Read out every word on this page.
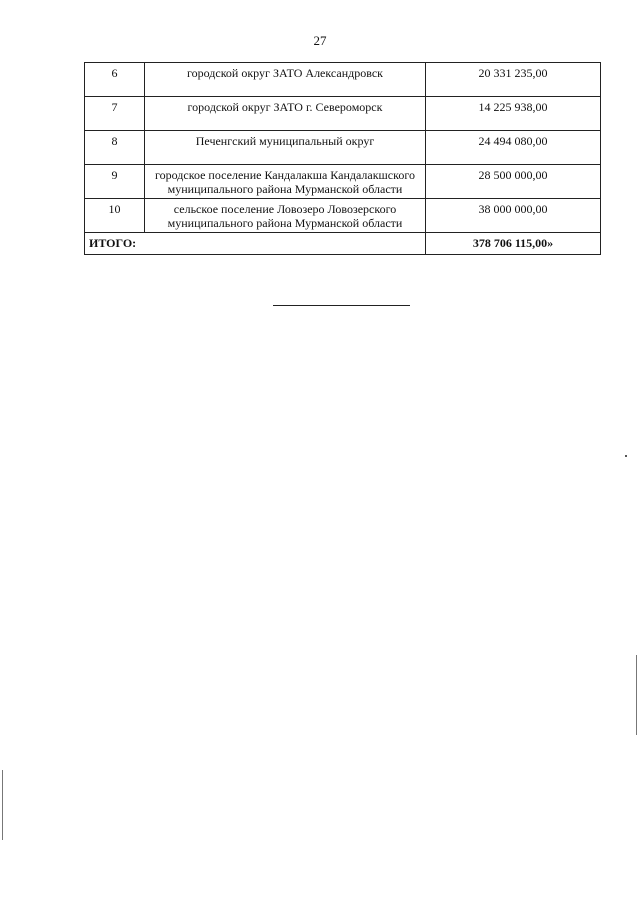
27
6	городской округ ЗАТО Александровск	20 331 235,00
7	городской округ ЗАТО г. Североморск	14 225 938,00
8	Печенгский муниципальный округ	24 494 080,00
9	городское поселение Кандалакша Кандалакшского муниципального района Мурманской области	28 500 000,00
10	сельское поселение Ловозеро Ловозерского муниципального района Мурманской области	38 000 000,00
ИТОГО:		378 706 115,00»
